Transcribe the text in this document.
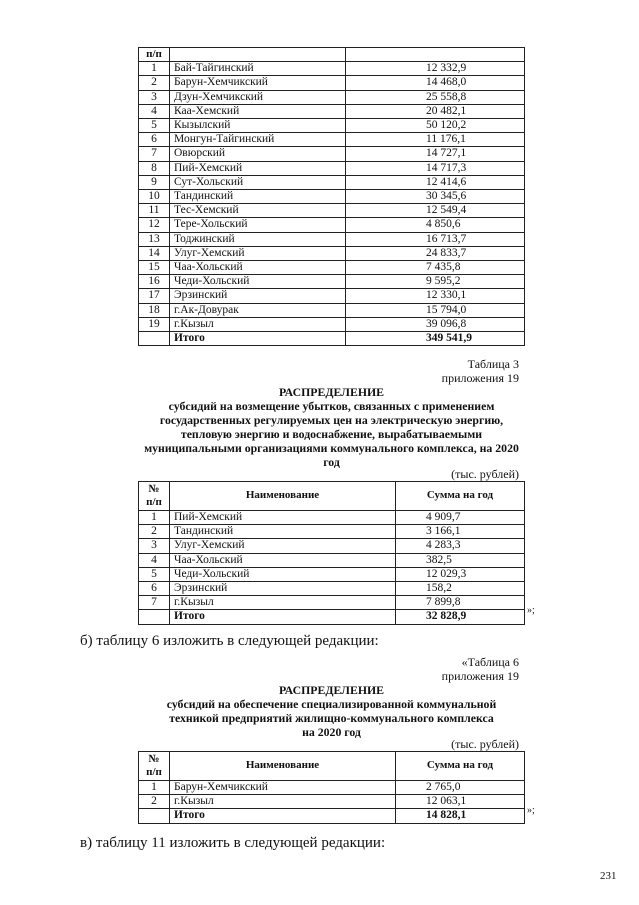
п/п		
1	Бай-Тайгинский	12 332,9
2	Барун-Хемчикский	14 468,0
3	Дзун-Хемчикский	25 558,8
4	Каа-Хемский	20 482,1
5	Кызылский	50 120,2
6	Монгун-Тайгинский	11 176,1
7	Овюрский	14 727,1
8	Пий-Хемский	14 717,3
9	Сут-Хольский	12 414,6
10	Тандинский	30 345,6
11	Тес-Хемский	12 549,4
12	Тере-Хольский	4 850,6
13	Тоджинский	16 713,7
14	Улуг-Хемский	24 833,7
15	Чаа-Хольский	7 435,8
16	Чеди-Хольский	9 595,2
17	Эрзинский	12 330,1
18	г.Ак-Довурак	15 794,0
19	г.Кызыл	39 096,8
	Итого	349 541,9
Таблица 3
приложения 19
РАСПРЕДЕЛЕНИЕ
субсидий на возмещение убытков, связанных с применением
государственных регулируемых цен на электрическую энергию,
тепловую энергию и водоснабжение, вырабатываемыми
муниципальными организациями коммунального комплекса, на 2020
год
(тыс. рублей)
№
п/п	Наименование	Сумма на год
1	Пий-Хемский	4 909,7
2	Тандинский	3 166,1
3	Улуг-Хемский	4 283,3
4	Чаа-Хольский	382,5
5	Чеди-Хольский	12 029,3
6	Эрзинский	158,2
7	г.Кызыл	7 899,8
	Итого	32 828,9	»;
б) таблицу 6 изложить в следующей редакции:
«Таблица 6
приложения 19
РАСПРЕДЕЛЕНИЕ
субсидий на обеспечение специализированной коммунальной
техникой предприятий жилищно-коммунального комплекса
на 2020 год
(тыс. рублей)
№
п/п	Наименование	Сумма на год
1	Барун-Хемчикский	2 765,0
2	г.Кызыл	12 063,1
	Итого	14 828,1	»;
в) таблицу 11 изложить в следующей редакции:
231
